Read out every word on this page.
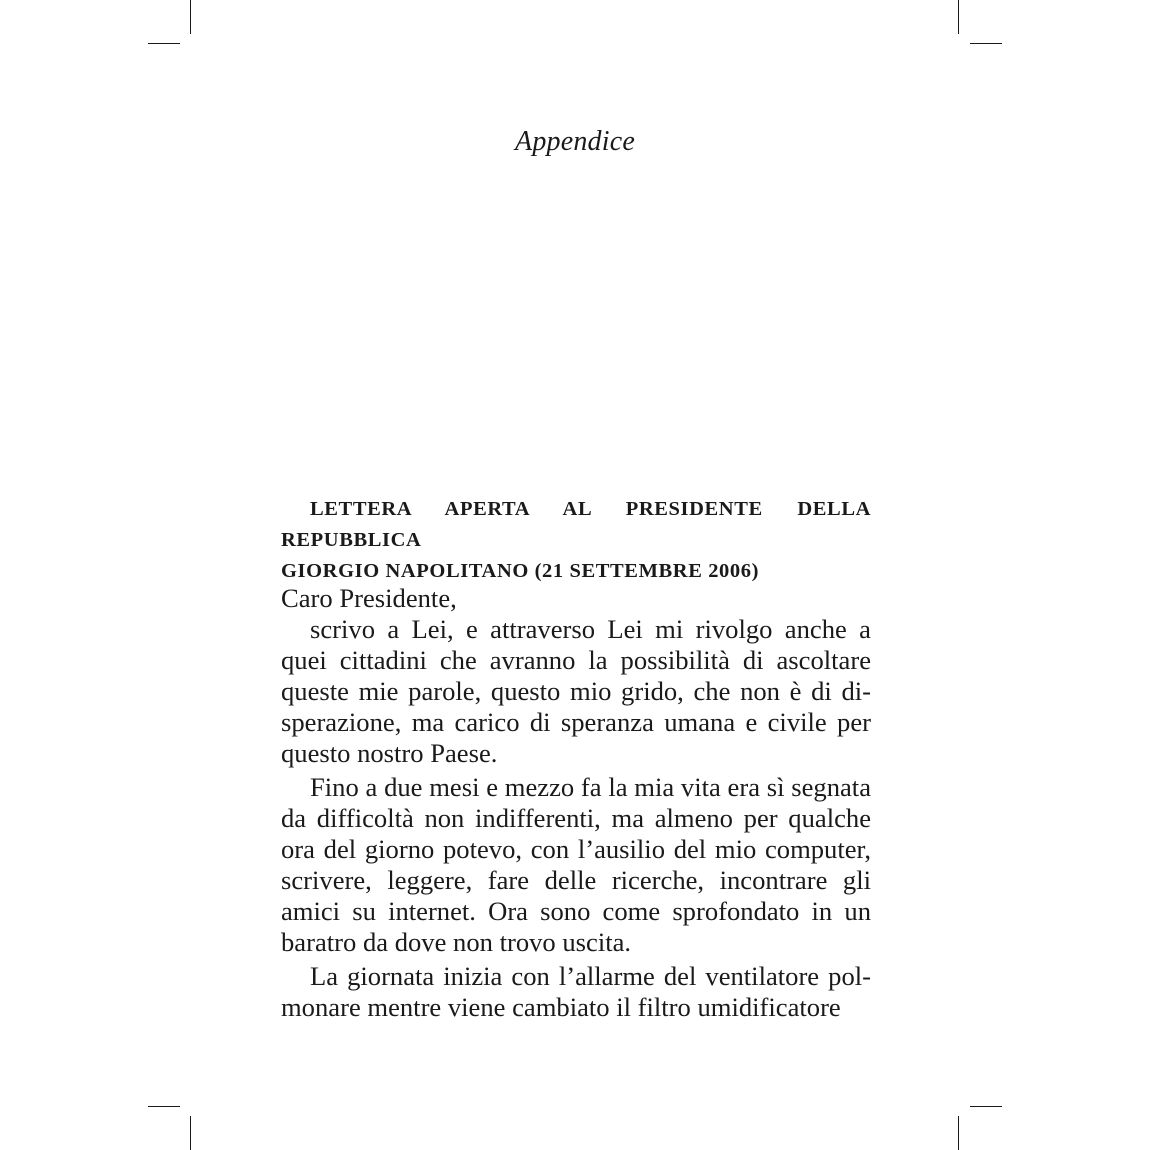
Appendice
LETTERA APERTA AL PRESIDENTE DELLA REPUBBLICA
GIORGIO NAPOLITANO (21 SETTEMBRE 2006)

Caro Presidente,

scrivo a Lei, e attraverso Lei mi rivolgo anche a quei cittadini che avranno la possibilità di ascoltare queste mie parole, questo mio grido, che non è di disperazione, ma carico di speranza umana e civile per questo nostro Paese.

Fino a due mesi e mezzo fa la mia vita era sì segnata da difficoltà non indifferenti, ma almeno per qualche ora del giorno potevo, con l’ausilio del mio computer, scrivere, leggere, fare delle ricerche, incontrare gli amici su internet. Ora sono come sprofondato in un baratro da dove non trovo uscita.

La giornata inizia con l’allarme del ventilatore polmonare mentre viene cambiato il filtro umidificatore
